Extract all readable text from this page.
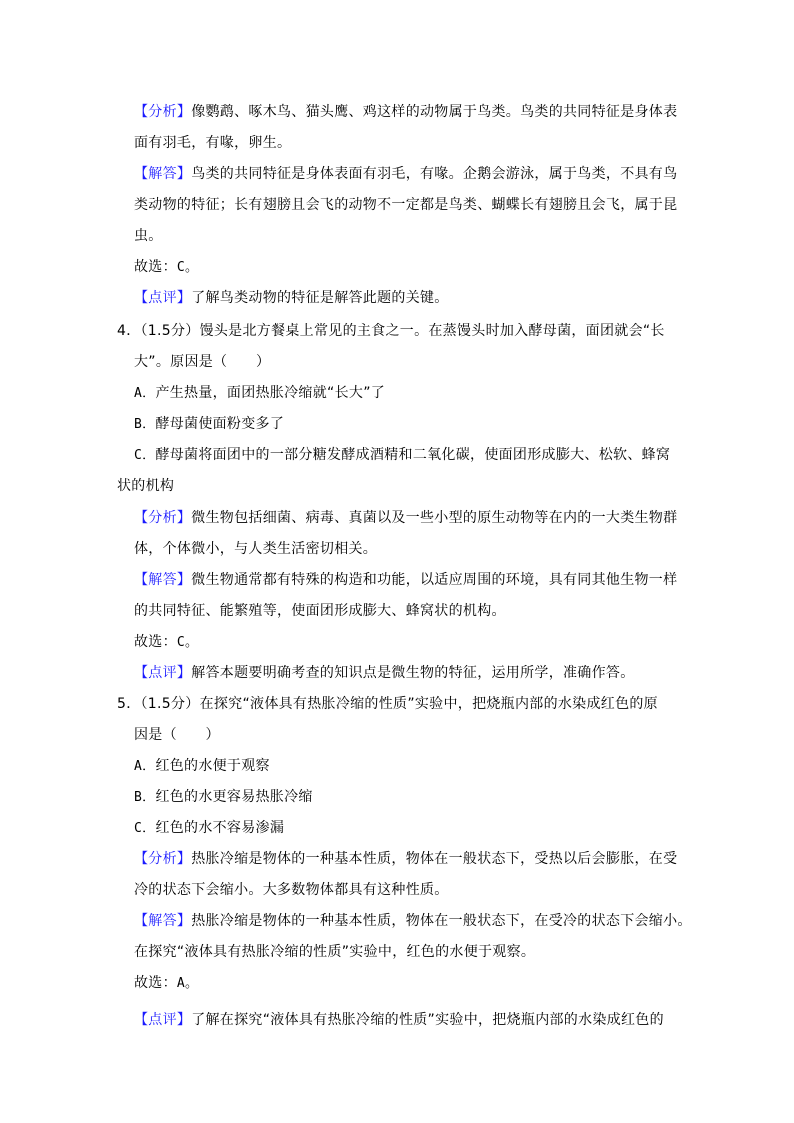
【分析】像鹦鹉、啄木鸟、猫头鹰、鸡这样的动物属于鸟类。鸟类的共同特征是身体表
面有羽毛，有喙，卵生。
【解答】鸟类的共同特征是身体表面有羽毛，有喙。企鹅会游泳，属于鸟类，不具有鸟
类动物的特征；长有翅膀且会飞的动物不一定都是鸟类、蝴蝶长有翅膀且会飞，属于昆
虫。
故选：C。
【点评】了解鸟类动物的特征是解答此题的关键。
4．（1.5分）馒头是北方餐桌上常见的主食之一。在蒸馒头时加入酵母菌，面团就会“长
大”。原因是（　　）
A．产生热量，面团热胀冷缩就“长大”了
B．酵母菌使面粉变多了
C．酵母菌将面团中的一部分糖发酵成酒精和二氧化碳，使面团形成膨大、松软、蜂窝
状的机构
【分析】微生物包括细菌、病毒、真菌以及一些小型的原生动物等在内的一大类生物群
体，个体微小，与人类生活密切相关。
【解答】微生物通常都有特殊的构造和功能，以适应周围的环境，具有同其他生物一样
的共同特征、能繁殖等，使面团形成膨大、蜂窝状的机构。
故选：C。
【点评】解答本题要明确考查的知识点是微生物的特征，运用所学，准确作答。
5．（1.5分）在探究“液体具有热胀冷缩的性质”实验中，把烧瓶内部的水染成红色的原
因是（　　）
A．红色的水便于观察
B．红色的水更容易热胀冷缩
C．红色的水不容易渗漏
【分析】热胀冷缩是物体的一种基本性质，物体在一般状态下，受热以后会膨胀，在受
冷的状态下会缩小。大多数物体都具有这种性质。
【解答】热胀冷缩是物体的一种基本性质，物体在一般状态下，在受冷的状态下会缩小。
在探究“液体具有热胀冷缩的性质”实验中，红色的水便于观察。
故选：A。
【点评】了解在探究“液体具有热胀冷缩的性质”实验中，把烧瓶内部的水染成红色的
